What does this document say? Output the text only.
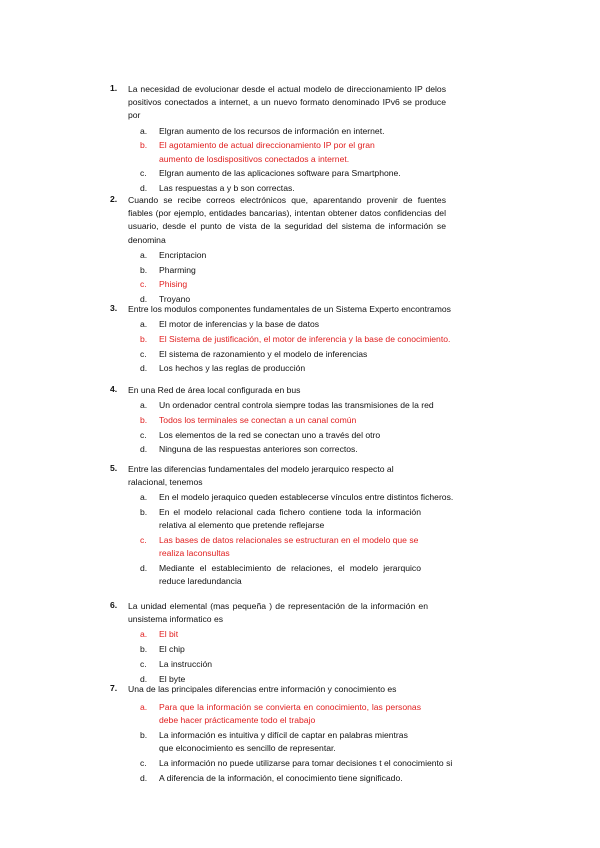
1.	La necesidad de evolucionar desde el actual modelo de direccionamiento IP delos positivos conectados a internet, a un nuevo formato denominado IPv6 se produce por
a. Elgran aumento de los recursos de información en internet.
b. El agotamiento de actual direccionamiento IP por el gran aumento de losdispositivos conectados a internet.
c. Elgran aumento de las aplicaciones software para Smartphone.
d. Las respuestas a y b son correctas.
2.	Cuando se recibe correos electrónicos que, aparentando provenir de fuentes fiables (por ejemplo, entidades bancarias), intentan obtener datos confidencias del usuario, desde el punto de vista de la seguridad del sistema de información se denomina
a. Encriptacion
b. Pharming
c. Phising
d. Troyano
3.	Entre los modulos componentes fundamentales de un Sistema Experto encontramos
a. El motor de inferencias y la base de datos
b. El Sistema de justificación, el motor de inferencia y la base de conocimiento.
c. El sistema de razonamiento y el modelo de inferencias
d. Los hechos y las reglas de producción
4.	En una Red de área local configurada en bus
a. Un ordenador central controla siempre todas las transmisiones de la red
b. Todos los terminales se conectan a un canal común
c. Los elementos de la red se conectan uno a través del otro
d. Ninguna de las respuestas anteriores son correctos.
5.	Entre las diferencias fundamentales del modelo jerarquico respecto al ralacional, tenemos
a. En el modelo jeraquico queden establecerse vínculos entre distintos ficheros.
b. En el modelo relacional cada fichero contiene toda la información relativa al elemento que pretende reflejarse
c. Las bases de datos relacionales se estructuran en el modelo que se realiza laconsultas
d. Mediante el establecimiento de relaciones, el modelo jerarquico reduce laredundancia
6.	La unidad elemental (mas pequeña ) de representación de la información en unsistema informatico es
a. El bit
b. El chip
c. La instrucción
d. El byte
7.	Una de las principales diferencias entre información y conocimiento es
a. Para que la información se convierta en conocimiento, las personas debe hacer prácticamente todo el trabajo
b. La información es intuitiva y difícil de captar en palabras mientras que elconocimiento es sencillo de representar.
c. La información no puede utilizarse para tomar decisiones t el conocimiento si
d. A diferencia de la información, el conocimiento tiene significado.
